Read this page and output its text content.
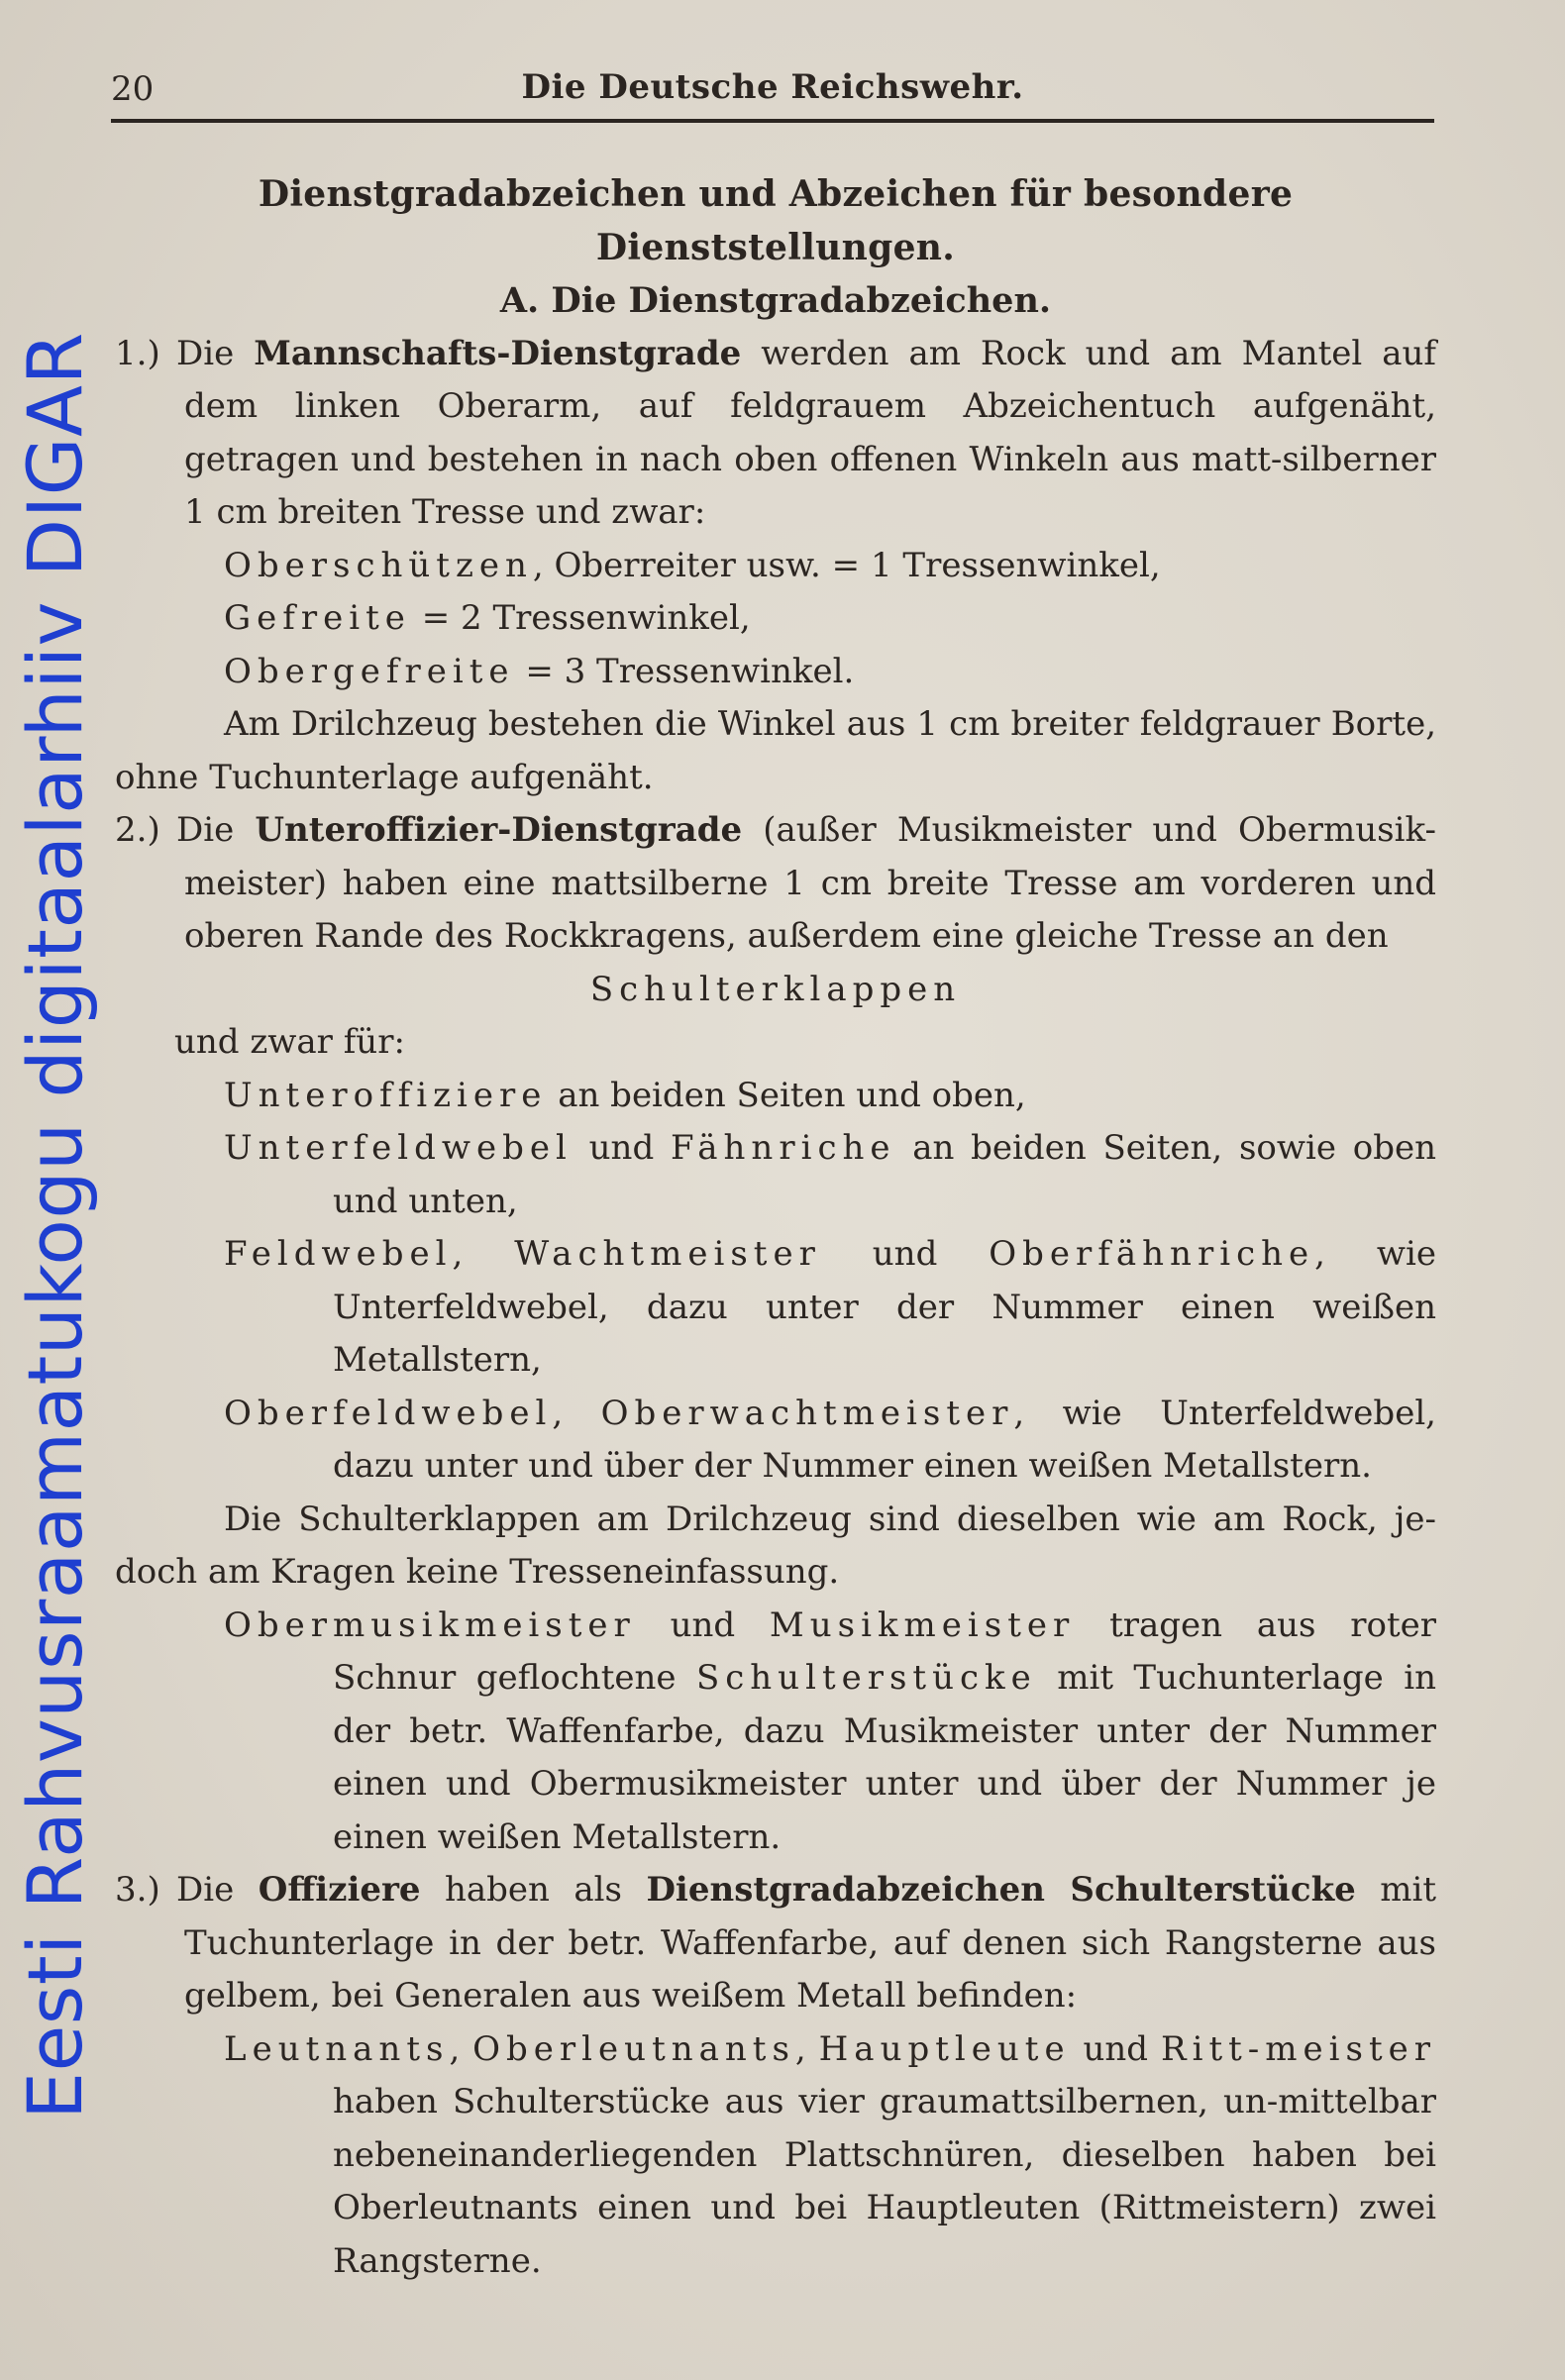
Eesti Rahvusraamatukogu digitaalarhiiv DIGAR
20	Die Deutsche Reichswehr.

Dienstgradabzeichen und Abzeichen für besondere Dienststellungen.

A. Die Dienstgradabzeichen.

1.) Die Mannschafts-Dienstgrade werden am Rock und am Mantel auf dem linken Oberarm, auf feldgrauem Abzeichentuch aufgenäht, getragen und bestehen in nach oben offenen Winkeln aus matt-silberner 1 cm breiten Tresse und zwar:

Oberschützen, Oberreiter usw. = 1 Tressenwinkel,

Gefreite = 2 Tressenwinkel,

Obergefreite = 3 Tressenwinkel.

Am Drilchzeug bestehen die Winkel aus 1 cm breiter feldgrauer Borte, ohne Tuchunterlage aufgenäht.

2.) Die Unteroffizier-Dienstgrade (außer Musikmeister und Obermusik-meister) haben eine mattsilberne 1 cm breite Tresse am vorderen und oberen Rande des Rockkragens, außerdem eine gleiche Tresse an den

Schulterklappen

und zwar für:

Unteroffiziere an beiden Seiten und oben,

Unterfeldwebel und Fähnriche an beiden Seiten, sowie oben und unten,

Feldwebel, Wachtmeister und Oberfähnriche, wie Unterfeldwebel, dazu unter der Nummer einen weißen Metallstern,

Oberfeldwebel, Oberwachtmeister, wie Unterfeldwebel, dazu unter und über der Nummer einen weißen Metallstern.

Die Schulterklappen am Drilchzeug sind dieselben wie am Rock, je-doch am Kragen keine Tresseneinfassung.

Obermusikmeister und Musikmeister tragen aus roter Schnur geflochtene Schulterstücke mit Tuchunterlage in der betr. Waffenfarbe, dazu Musikmeister unter der Nummer einen und Obermusikmeister unter und über der Nummer je einen weißen Metallstern.

3.) Die Offiziere haben als Dienstgradabzeichen Schulterstücke mit Tuchunterlage in der betr. Waffenfarbe, auf denen sich Rangsterne aus gelbem, bei Generalen aus weißem Metall befinden:

Leutnants, Oberleutnants, Hauptleute und Ritt-meister haben Schulterstücke aus vier graumattsilbernen, un-mittelbar nebeneinanderliegenden Plattschnüren, dieselben haben bei Oberleutnants einen und bei Hauptleuten (Rittmeistern) zwei Rangsterne.
